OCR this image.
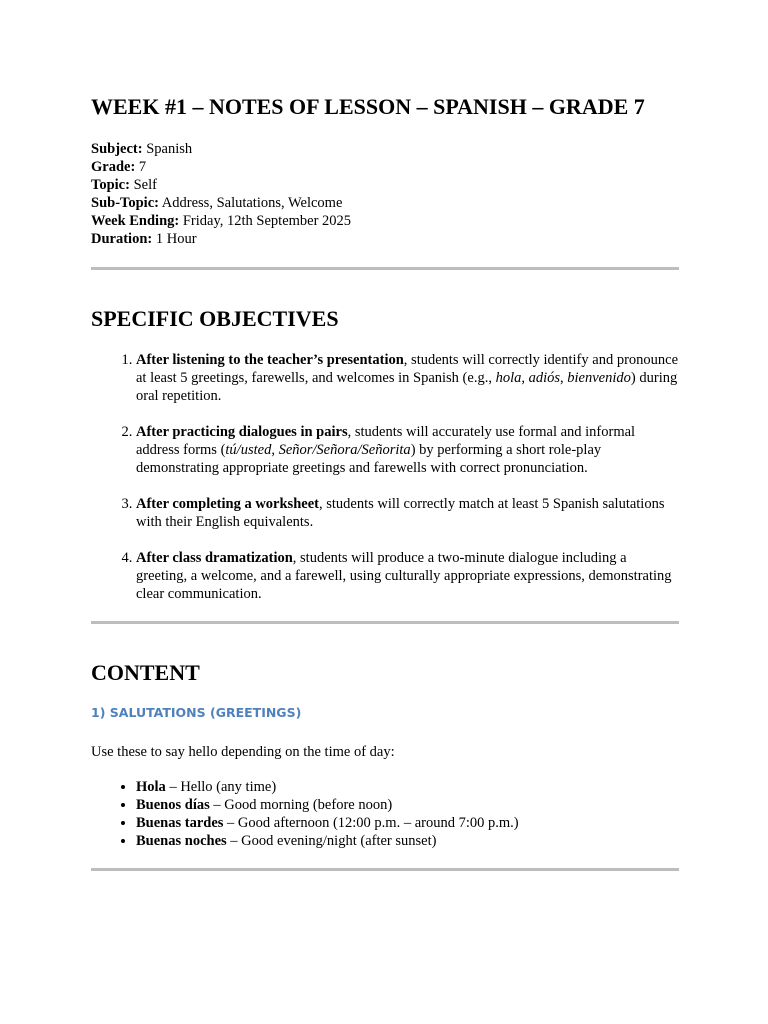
WEEK #1 – NOTES OF LESSON – SPANISH – GRADE 7
Subject: Spanish
Grade: 7
Topic: Self
Sub-Topic: Address, Salutations, Welcome
Week Ending: Friday, 12th September 2025
Duration: 1 Hour
SPECIFIC OBJECTIVES
1. After listening to the teacher’s presentation, students will correctly identify and pronounce at least 5 greetings, farewells, and welcomes in Spanish (e.g., hola, adiós, bienvenido) during oral repetition.
2. After practicing dialogues in pairs, students will accurately use formal and informal address forms (tú/usted, Señor/Señora/Señorita) by performing a short role-play demonstrating appropriate greetings and farewells with correct pronunciation.
3. After completing a worksheet, students will correctly match at least 5 Spanish salutations with their English equivalents.
4. After class dramatization, students will produce a two-minute dialogue including a greeting, a welcome, and a farewell, using culturally appropriate expressions, demonstrating clear communication.
CONTENT
1) SALUTATIONS (GREETINGS)

Use these to say hello depending on the time of day:

• Hola – Hello (any time)
• Buenos días – Good morning (before noon)
• Buenas tardes – Good afternoon (12:00 p.m. – around 7:00 p.m.)
• Buenas noches – Good evening/night (after sunset)
